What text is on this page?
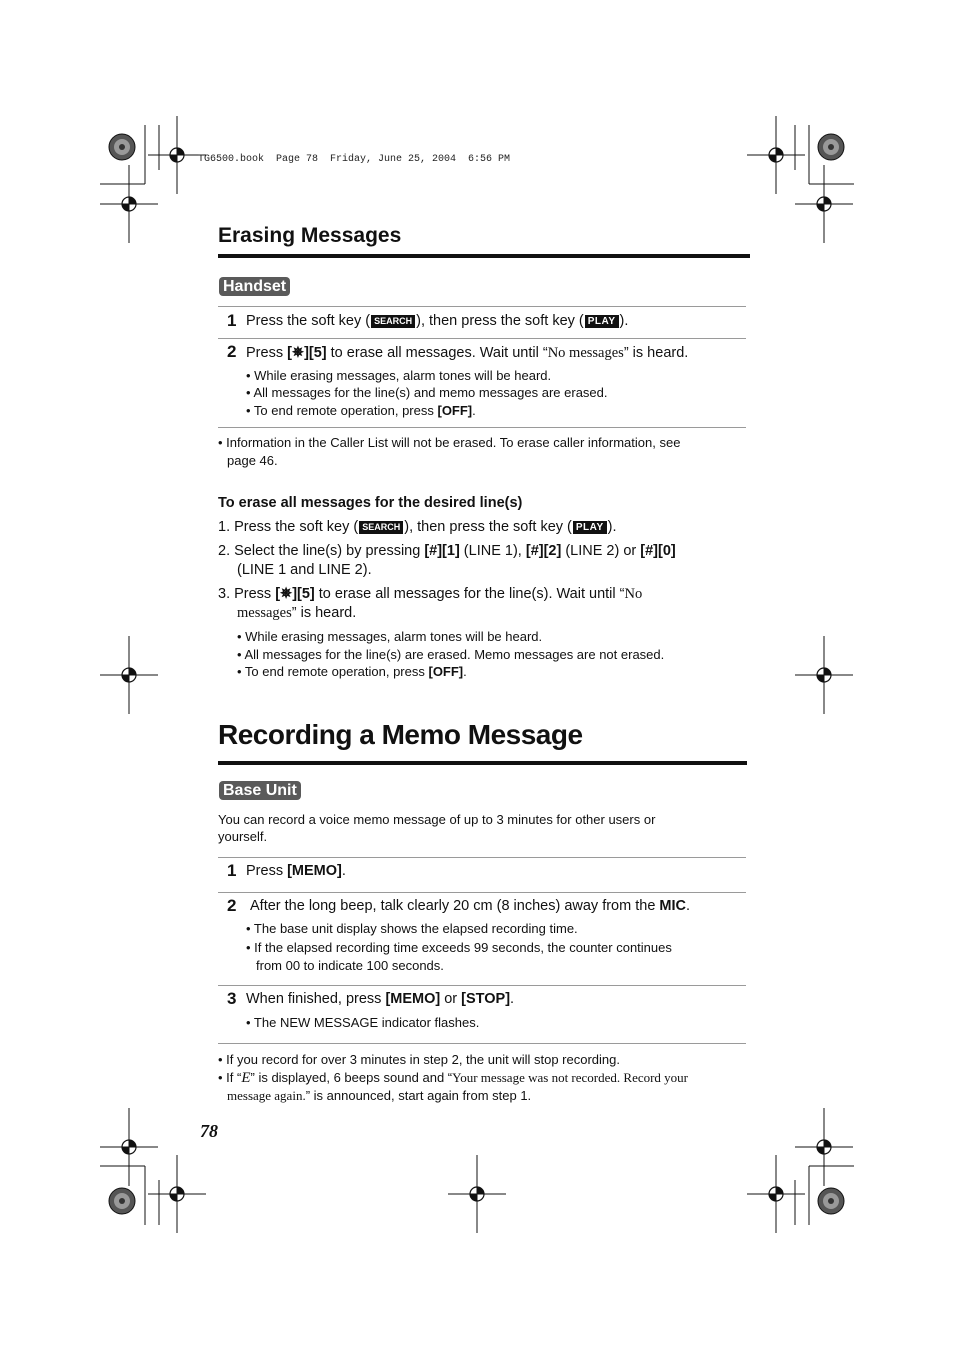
TG6500.book  Page 78  Friday, June 25, 2004  6:56 PM
Erasing Messages
Handset
1 Press the soft key ( SEARCH ), then press the soft key ( PLAY ).
2 Press [✵][5] to erase all messages. Wait until “No messages” is heard.
• While erasing messages, alarm tones will be heard.
• All messages for the line(s) and memo messages are erased.
• To end remote operation, press [OFF].
• Information in the Caller List will not be erased. To erase caller information, see
page 46.
To erase all messages for the desired line(s)
1. Press the soft key ( SEARCH ), then press the soft key ( PLAY ).
2. Select the line(s) by pressing [#][1] (LINE 1), [#][2] (LINE 2) or [#][0]
(LINE 1 and LINE 2).
3. Press [✵][5] to erase all messages for the line(s). Wait until “No
messages” is heard.
• While erasing messages, alarm tones will be heard.
• All messages for the line(s) are erased. Memo messages are not erased.
• To end remote operation, press [OFF].
Recording a Memo Message
Base Unit
You can record a voice memo message of up to 3 minutes for other users or
yourself.
1 Press [MEMO].
2 After the long beep, talk clearly 20 cm (8 inches) away from the MIC.
• The base unit display shows the elapsed recording time.
• If the elapsed recording time exceeds 99 seconds, the counter continues
from 00 to indicate 100 seconds.
3 When finished, press [MEMO] or [STOP].
• The NEW MESSAGE indicator flashes.
• If you record for over 3 minutes in step 2, the unit will stop recording.
• If “E” is displayed, 6 beeps sound and “Your message was not recorded. Record your
message again.” is announced, start again from step 1.
78
